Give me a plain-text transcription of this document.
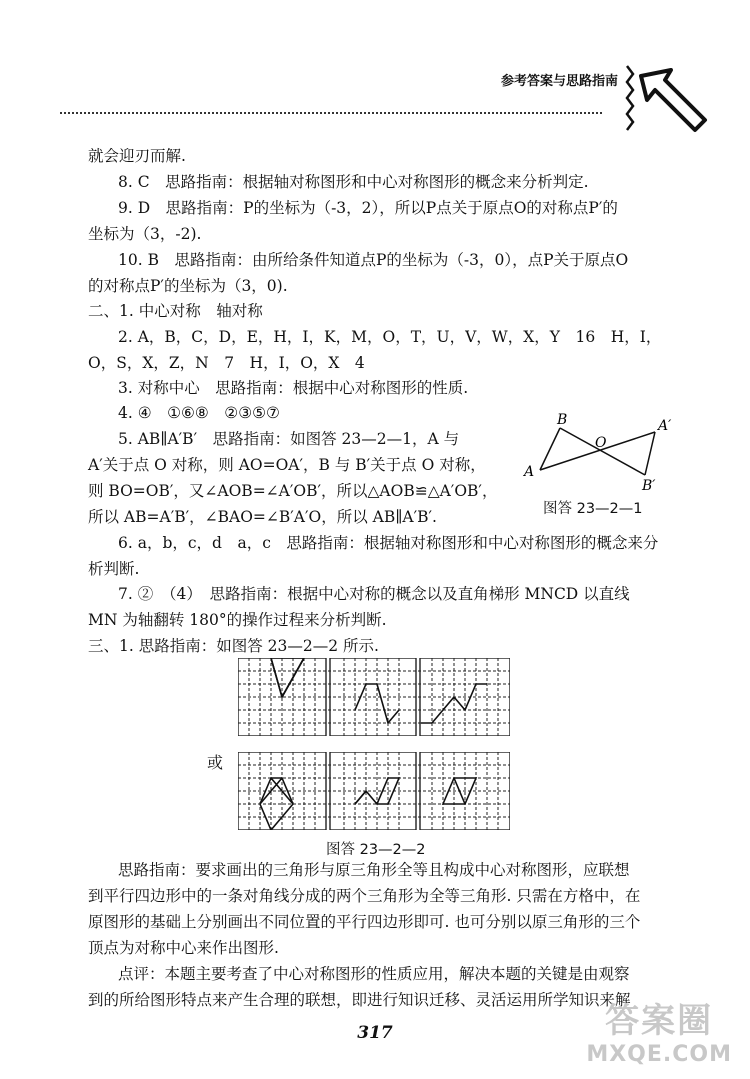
参考答案与思路指南
就会迎刃而解.
8. C　思路指南：根据轴对称图形和中心对称图形的概念来分析判定.
9. D　思路指南：P的坐标为（-3，2），所以P点关于原点O的对称点P′的
坐标为（3，-2).
10. B　思路指南：由所给条件知道点P的坐标为（-3，0），点P关于原点O
的对称点P′的坐标为（3，0).
二、1. 中心对称　轴对称
2. A，B，C，D，E，H，I，K，M，O，T，U，V，W，X，Y　16　H，I，
O，S，X，Z，N　7　H，I，O，X　4
3. 对称中心　思路指南：根据中心对称图形的性质.
4. ④　①⑥⑧　②③⑤⑦
5. AB∥A′B′　思路指南：如图答 23—2—1，A 与
A′关于点 O 对称，则 AO=OA′，B 与 B′关于点 O 对称，
则 BO=OB′，又∠AOB=∠A′OB′，所以△AOB≌△A′OB′，
所以 AB=A′B′，∠BAO=∠B′A′O，所以 AB∥A′B′.
6. a，b，c，d　a，c　思路指南：根据轴对称图形和中心对称图形的概念来分
析判断.
7. ②　（4）　思路指南：根据中心对称的概念以及直角梯形 MNCD 以直线
MN 为轴翻转 180°的操作过程来分析判断.
三、1. 思路指南：如图答 23—2—2 所示.
A
B
O
A′
B′
图答 23—2—1
或
图答 23—2—2
思路指南：要求画出的三角形与原三角形全等且构成中心对称图形，应联想
到平行四边形中的一条对角线分成的两个三角形为全等三角形. 只需在方格中，在
原图形的基础上分别画出不同位置的平行四边形即可. 也可分别以原三角形的三个
顶点为对称中心来作出图形.
点评：本题主要考查了中心对称图形的性质应用，解决本题的关键是由观察
到的所给图形特点来产生合理的联想，即进行知识迁移、灵活运用所学知识来解
317	答案圈
MXQE.COM
